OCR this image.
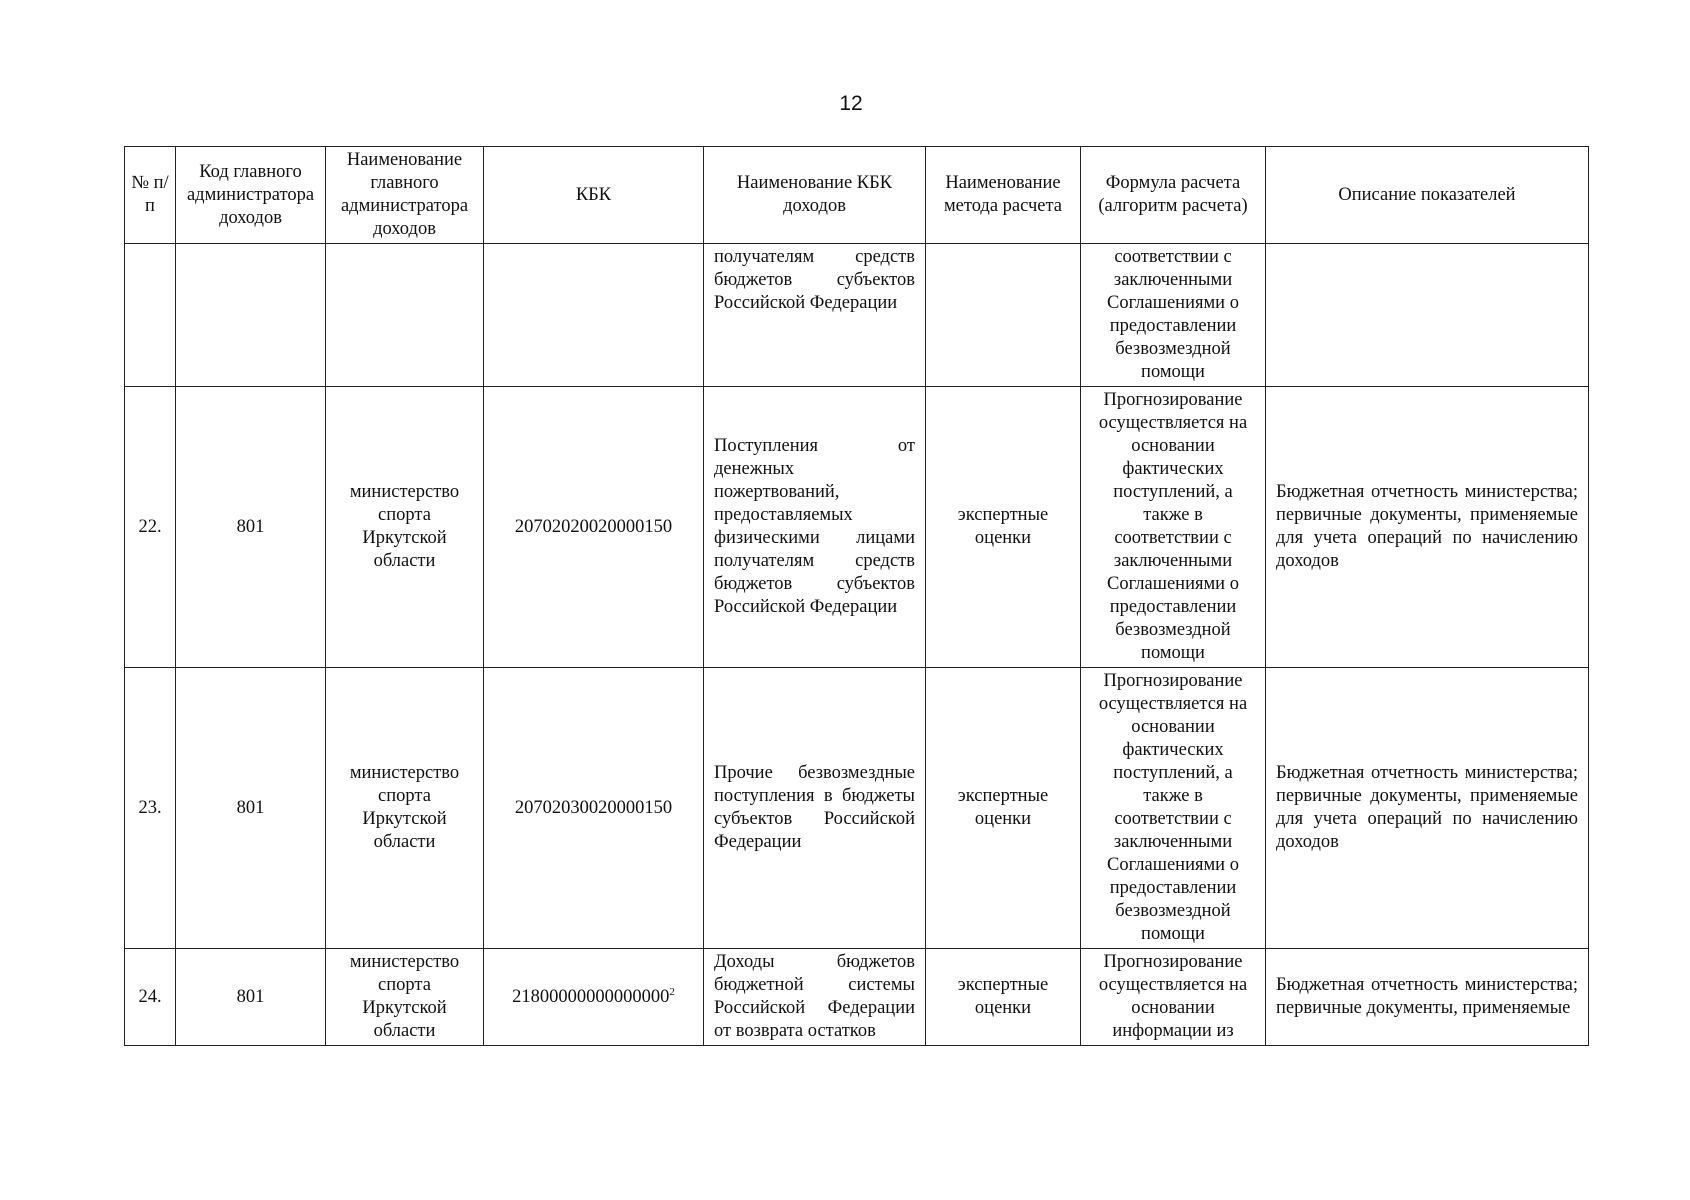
12
№ п/п	Код главного администратора доходов	Наименование главного администратора доходов	КБК	Наименование КБК доходов	Наименование метода расчета	Формула расчета (алгоритм расчета)	Описание показателей
				получателям средств бюджетов субъектов Российской Федерации		соответствии с заключенными Соглашениями о предоставлении безвозмездной помощи	
22.	801	министерство спорта Иркутской области	20702020020000150	Поступления от денежных пожертвований, предоставляемых физическими лицами получателям средств бюджетов субъектов Российской Федерации	экспертные оценки	Прогнозирование осуществляется на основании фактических поступлений, а также в соответствии с заключенными Соглашениями о предоставлении безвозмездной помощи	Бюджетная отчетность министерства; первичные документы, применяемые для учета операций по начислению доходов
23.	801	министерство спорта Иркутской области	20702030020000150	Прочие безвозмездные поступления в бюджеты субъектов Российской Федерации	экспертные оценки	Прогнозирование осуществляется на основании фактических поступлений, а также в соответствии с заключенными Соглашениями о предоставлении безвозмездной помощи	Бюджетная отчетность министерства; первичные документы, применяемые для учета операций по начислению доходов
24.	801	министерство спорта Иркутской области	21800000000000000$^2$	Доходы бюджетов бюджетной системы Российской Федерации от возврата остатков	экспертные оценки	Прогнозирование осуществляется на основании информации из	Бюджетная отчетность министерства; первичные документы, применяемые
